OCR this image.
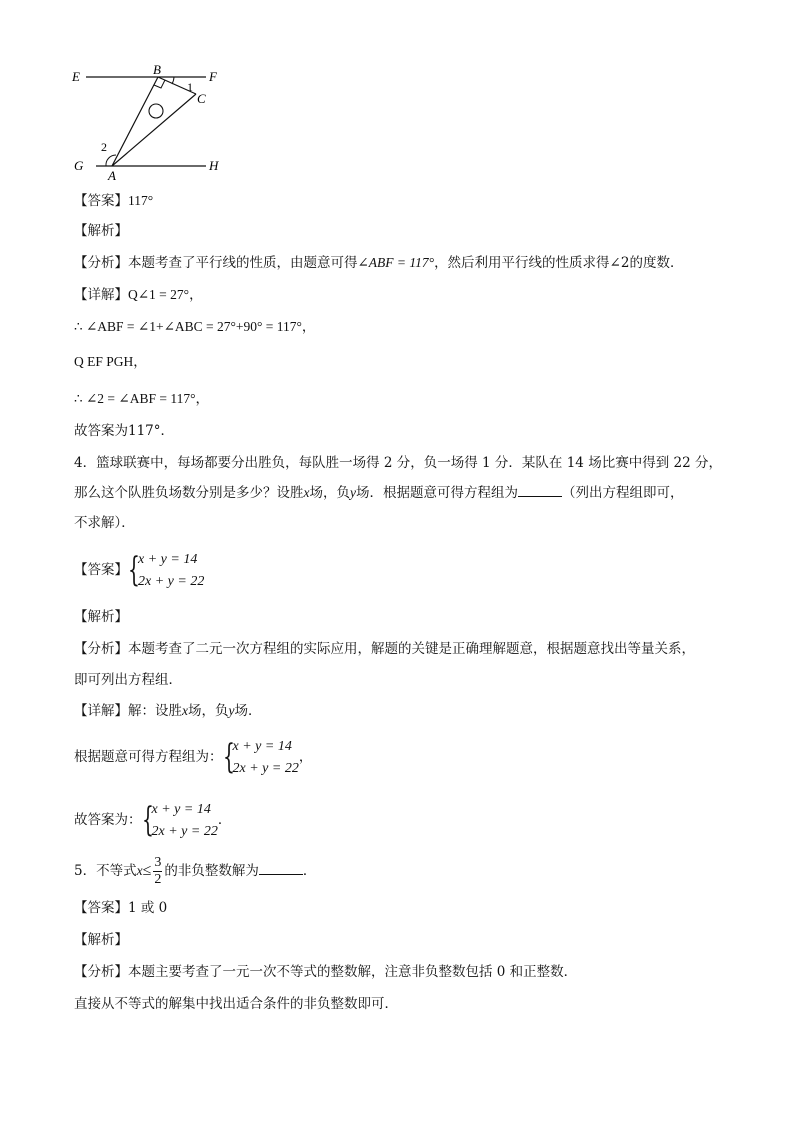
E	B	F
1
C
2
G
A
H
【答案】117°
【解析】
【分析】本题考查了平行线的性质，由题意可得∠ABF = 117°，然后利用平行线的性质求得∠2的度数．
【详解】Q∠1 = 27°，
∴ ∠ABF = ∠1+∠ABC = 27°+90° = 117°，
Q EF PGH，
∴ ∠2 = ∠ABF = 117°，
故答案为117°．
4．篮球联赛中，每场都要分出胜负，每队胜一场得 2 分，负一场得 1 分．某队在 14 场比赛中得到 22 分，
那么这个队胜负场数分别是多少？设胜x场，负y场．根据题意可得方程组为	（列出方程组即可，
不求解）．
【答案】 {
x + y = 14
2x + y = 22
【解析】
【分析】本题考查了二元一次方程组的实际应用，解题的关键是正确理解题意，根据题意找出等量关系，
即可列出方程组．
【详解】解：设胜x场，负y场．
根据题意可得方程组为： {
x + y = 14
2x + y = 22
，
故答案为： {
x + y = 14
2x + y = 22
．
5．不等式$x\le \frac{3}{2}$ 的非负整数解为	．
【答案】1 或 0
【解析】
【分析】本题主要考查了一元一次不等式的整数解，注意非负整数包括 0 和正整数．
直接从不等式的解集中找出适合条件的非负整数即可．
